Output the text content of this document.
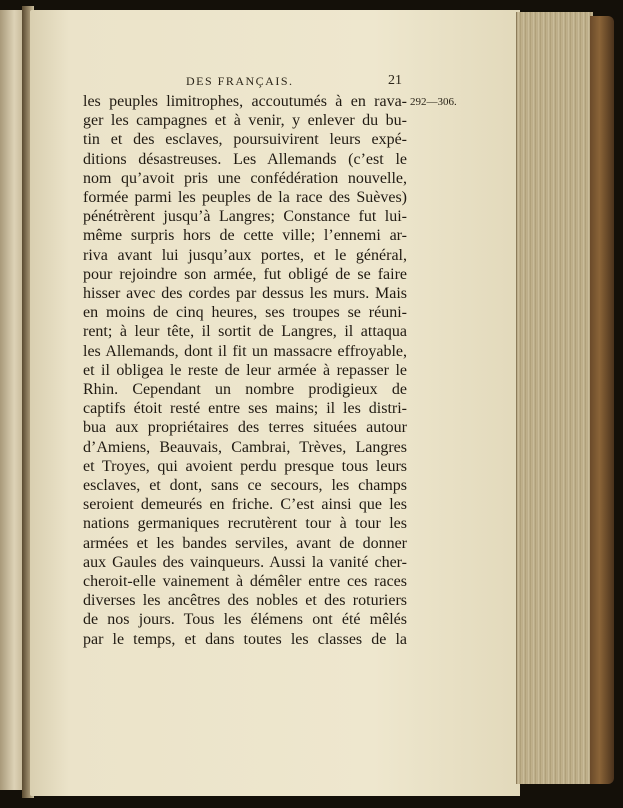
DES FRANÇAIS.	21
292—306.
les peuples limitrophes, accoutumés à en rava-
ger les campagnes et à venir, y enlever du bu-
tin et des esclaves, poursuivirent leurs expé-
ditions désastreuses. Les Allemands (c’est le
nom qu’avoit pris une confédération nouvelle,
formée parmi les peuples de la race des Suèves)
pénétrèrent jusqu’à Langres; Constance fut lui-
même surpris hors de cette ville; l’ennemi ar-
riva avant lui jusqu’aux portes, et le général,
pour rejoindre son armée, fut obligé de se faire
hisser avec des cordes par dessus les murs. Mais
en moins de cinq heures, ses troupes se réuni-
rent; à leur tête, il sortit de Langres, il attaqua
les Allemands, dont il fit un massacre effroyable,
et il obligea le reste de leur armée à repasser le
Rhin. Cependant un nombre prodigieux de
captifs étoit resté entre ses mains; il les distri-
bua aux propriétaires des terres situées autour
d’Amiens, Beauvais, Cambrai, Trèves, Langres
et Troyes, qui avoient perdu presque tous leurs
esclaves, et dont, sans ce secours, les champs
seroient demeurés en friche. C’est ainsi que les
nations germaniques recrutèrent tour à tour les
armées et les bandes serviles, avant de donner
aux Gaules des vainqueurs. Aussi la vanité cher-
cheroit-elle vainement à démêler entre ces races
diverses les ancêtres des nobles et des roturiers
de nos jours. Tous les élémens ont été mêlés
par le temps, et dans toutes les classes de la
